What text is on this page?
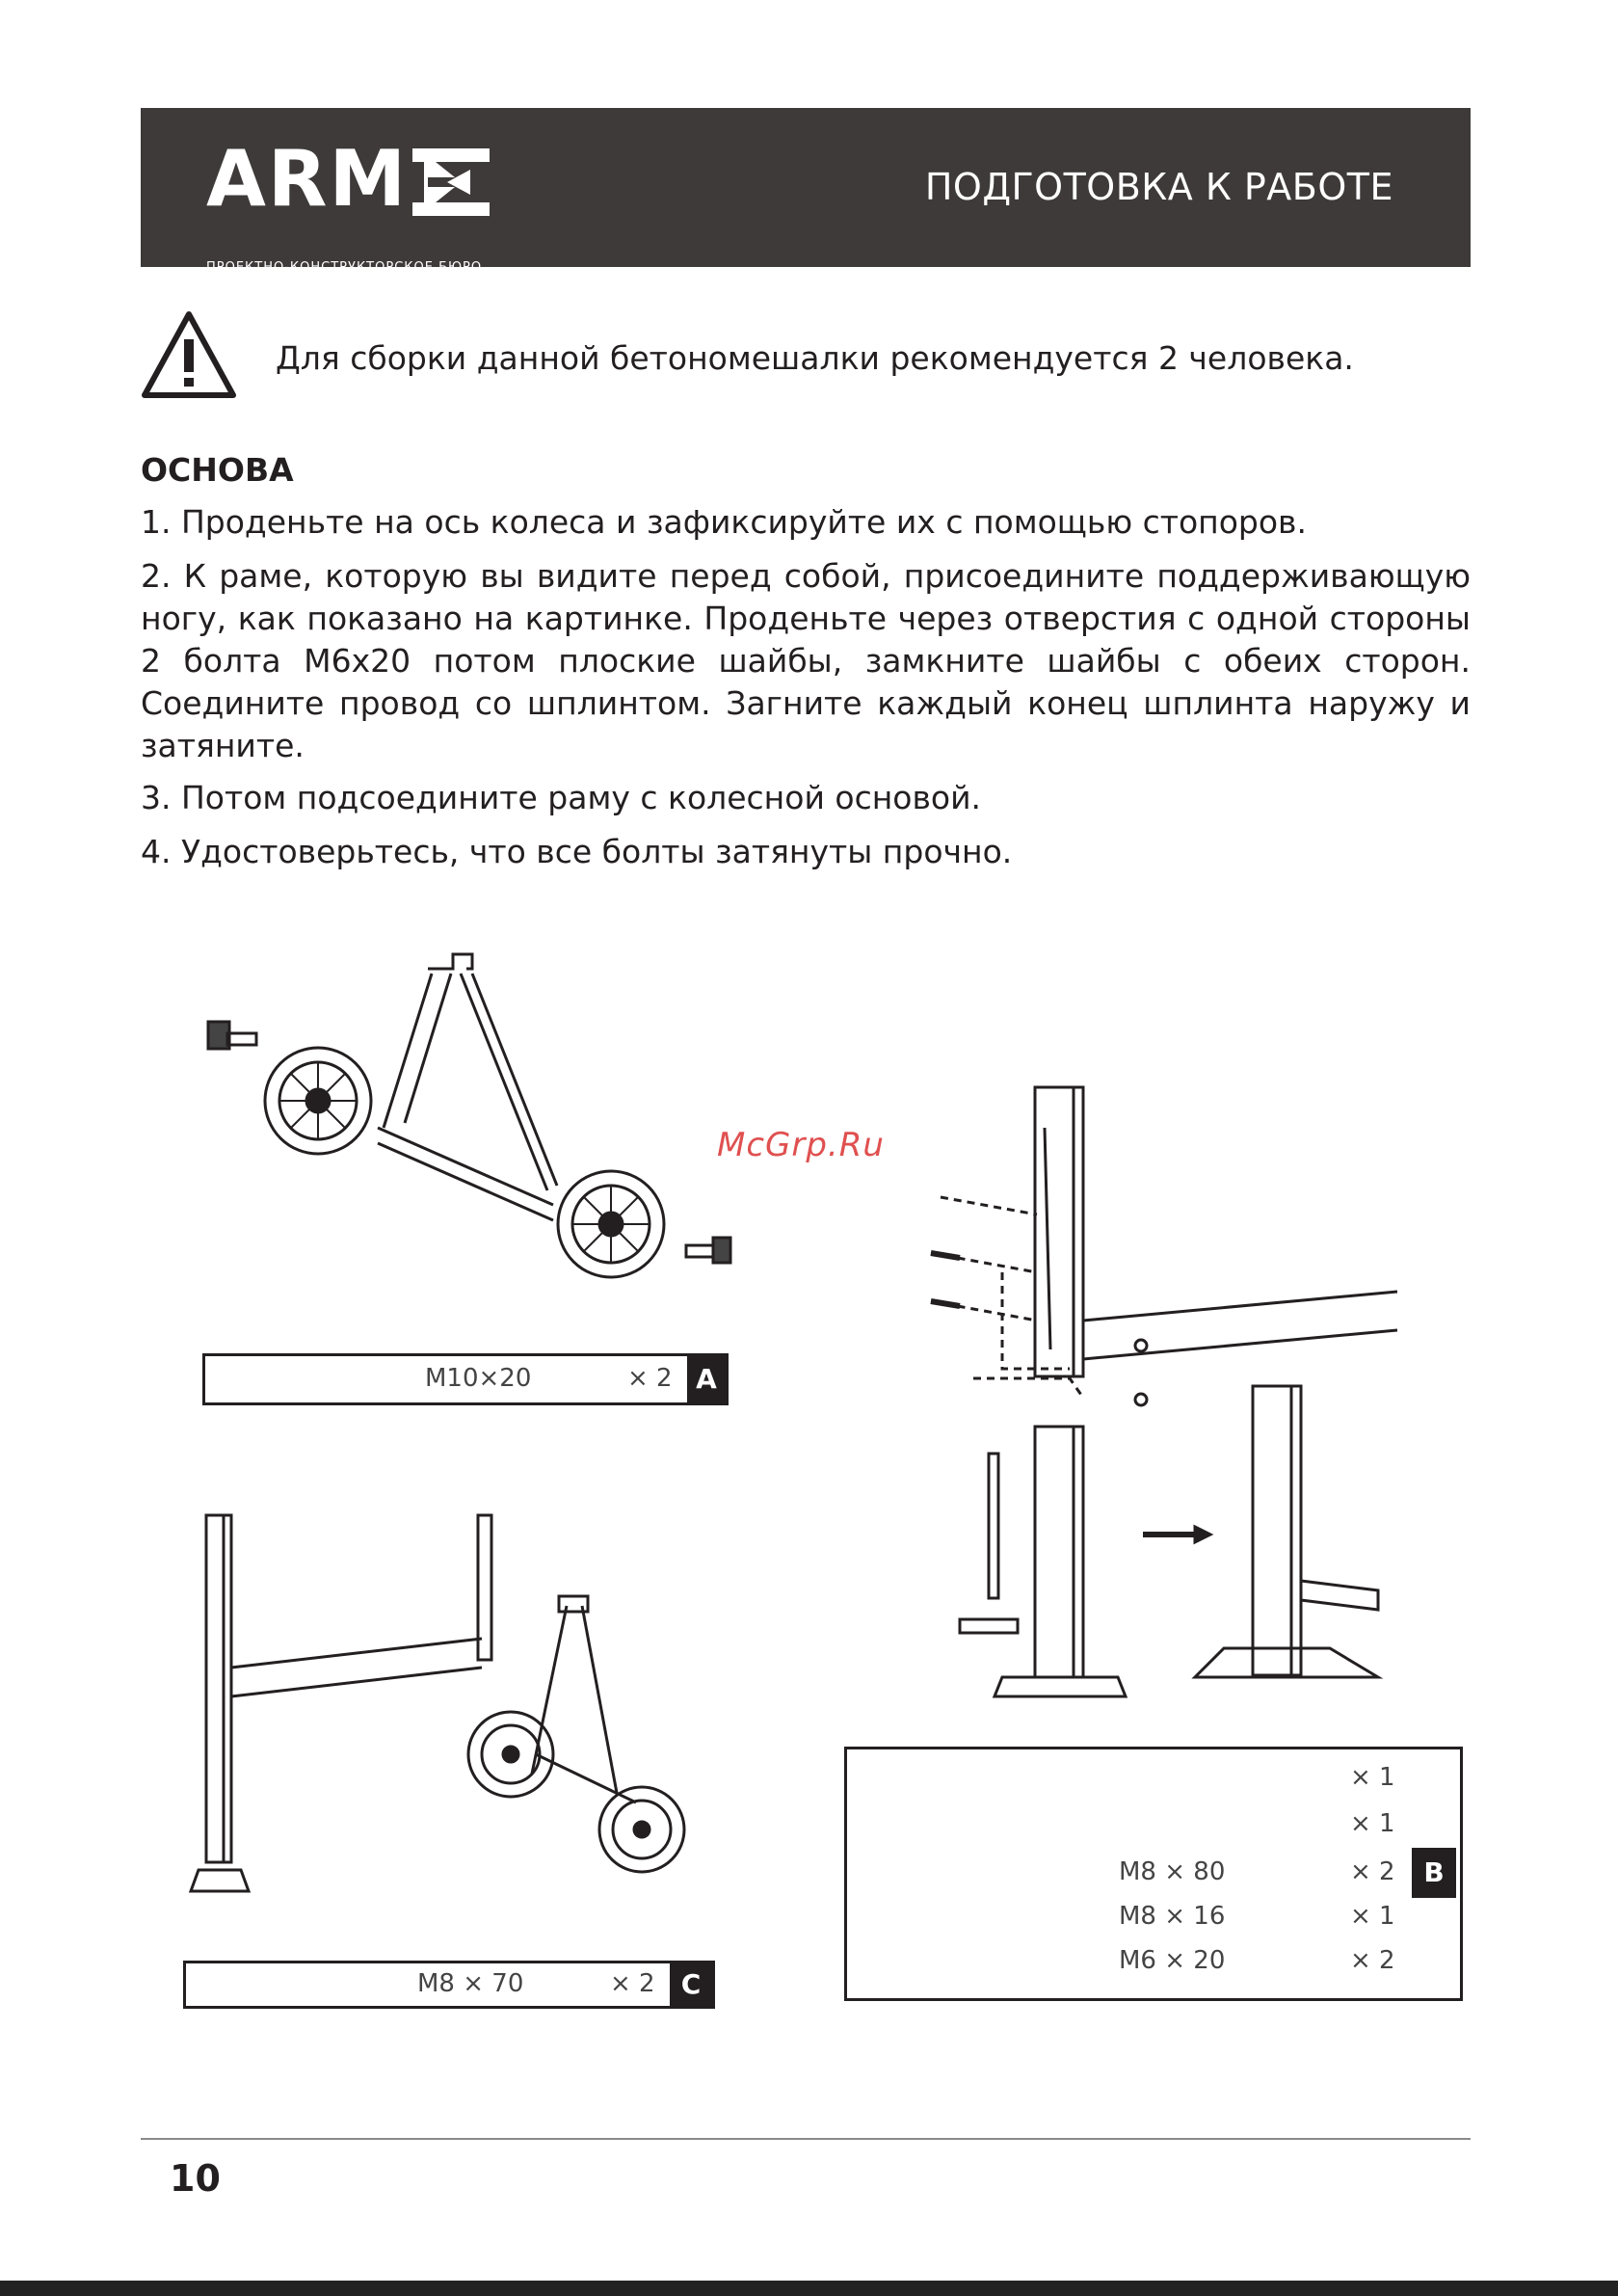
ARM
ПРОЕКТНО-КОНСТРУКТОРСКОЕ БЮРО
ПОДГОТОВКА К РАБОТЕ
Для сборки данной бетономешалки рекомендуется 2 человека.
ОСНОВА
1. Проденьте на ось колеса и зафиксируйте их с помощью стопоров.
2. К раме, которую вы видите перед собой, присоедините поддерживающую ногу, как показано на картинке. Проденьте через отверстия с одной стороны 2 болта М6х20 потом плоские шайбы, замкните шайбы с обеих сторон. Соедините провод со шплинтом. Загните каждый конец шплинта наружу и затяните.
3. Потом подсоедините раму с колесной основой.
4. Удостоверьтесь, что все болты затянуты прочно.
McGrp.Ru
M10×20	× 2 A
× 1
× 1
M8 × 80	× 2
M8 × 16	× 1
M6 × 20	× 2
B
M8 × 70	× 2 C
10
